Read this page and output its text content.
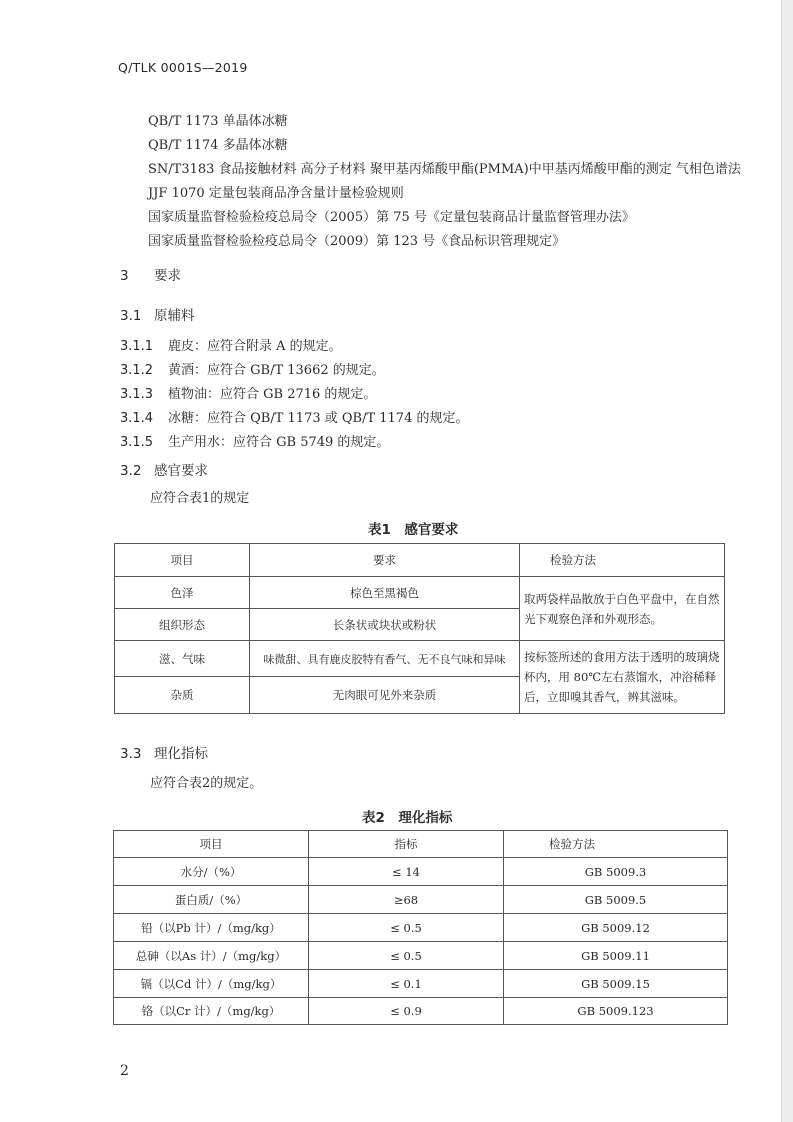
Q/TLK 0001S—2019
QB/T 1173 单晶体冰糖
QB/T 1174 多晶体冰糖
SN/T3183 食品接触材料 高分子材料 聚甲基丙烯酸甲酯(PMMA)中甲基丙烯酸甲酯的测定 气相色谱法
JJF 1070 定量包装商品净含量计量检验规则
国家质量监督检验检疫总局令（2005）第 75 号《定量包装商品计量监督管理办法》
国家质量监督检验检疫总局令（2009）第 123 号《食品标识管理规定》
3 要求
3.1 原辅料
3.1.1 鹿皮：应符合附录 A 的规定。
3.1.2 黄酒：应符合 GB/T 13662 的规定。
3.1.3 植物油：应符合 GB 2716 的规定。
3.1.4 冰糖：应符合 QB/T 1173 或 QB/T 1174 的规定。
3.1.5 生产用水：应符合 GB 5749 的规定。
3.2 感官要求
应符合表1的规定
表1　感官要求
项目	要求	检验方法
色泽	棕色至黑褐色	取两袋样品散放于白色平盘中，在自然光下观察色泽和外观形态。
组织形态	长条状或块状或粉状	
滋、气味	味微甜、具有鹿皮胶特有香气、无不良气味和异味	按标签所述的食用方法于透明的玻璃烧杯内，用 80℃左右蒸馏水，冲浴稀释后，立即嗅其香气，辨其滋味。
杂质	无肉眼可见外来杂质	
3.3 理化指标
应符合表2的规定。
表2　理化指标
项目	指标	检验方法
水分/（%）	≤ 14	GB 5009.3
蛋白质/（%）	≥68	GB 5009.5
铅（以Pb 计）/（mg/kg）	≤ 0.5	GB 5009.12
总砷（以As 计）/（mg/kg）	≤ 0.5	GB 5009.11
镉（以Cd 计）/（mg/kg）	≤ 0.1	GB 5009.15
铬（以Cr 计）/（mg/kg）	≤ 0.9	GB 5009.123
2
